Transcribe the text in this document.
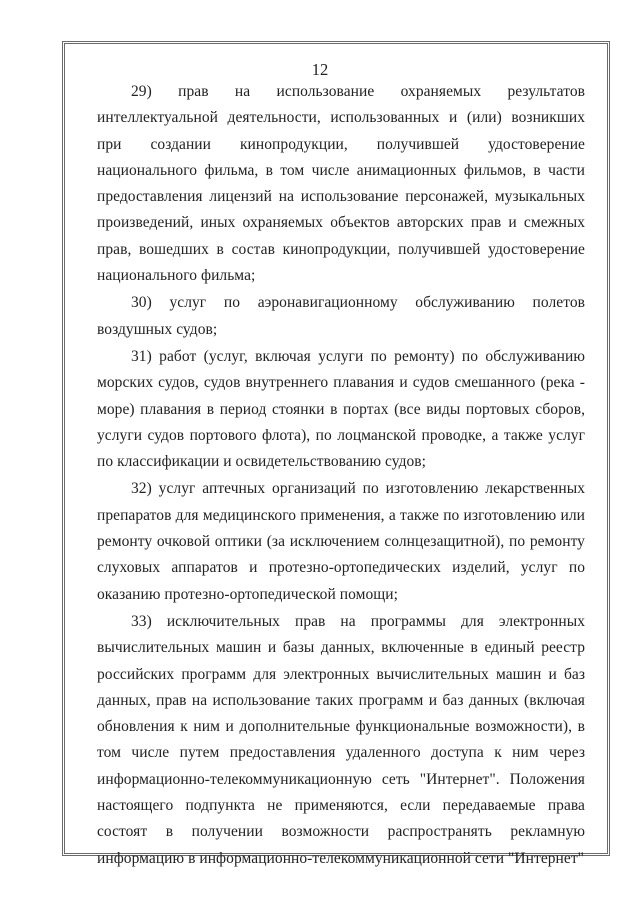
12

29) прав на использование охраняемых результатов интеллектуальной деятельности, использованных и (или) возникших при создании кинопродукции, получившей удостоверение национального фильма, в том числе анимационных фильмов, в части предоставления лицензий на использование персонажей, музыкальных произведений, иных охраняемых объектов авторских прав и смежных прав, вошедших в состав кинопродукции, получившей удостоверение национального фильма;

30) услуг по аэронавигационному обслуживанию полетов воздушных судов;

31) работ (услуг, включая услуги по ремонту) по обслуживанию морских судов, судов внутреннего плавания и судов смешанного (река - море) плавания в период стоянки в портах (все виды портовых сборов, услуги судов портового флота), по лоцманской проводке, а также услуг по классификации и освидетельствованию судов;

32) услуг аптечных организаций по изготовлению лекарственных препаратов для медицинского применения, а также по изготовлению или ремонту очковой оптики (за исключением солнцезащитной), по ремонту слуховых аппаратов и протезно-ортопедических изделий, услуг по оказанию протезно-ортопедической помощи;

33) исключительных прав на программы для электронных вычислительных машин и базы данных, включенные в единый реестр российских программ для электронных вычислительных машин и баз данных, прав на использование таких программ и баз данных (включая обновления к ним и дополнительные функциональные возможности), в том числе путем предоставления удаленного доступа к ним через информационно-телекоммуникационную сеть "Интернет". Положения настоящего подпункта не применяются, если передаваемые права состоят в получении возможности распространять рекламную информацию в информационно-телекоммуникационной сети "Интернет"
